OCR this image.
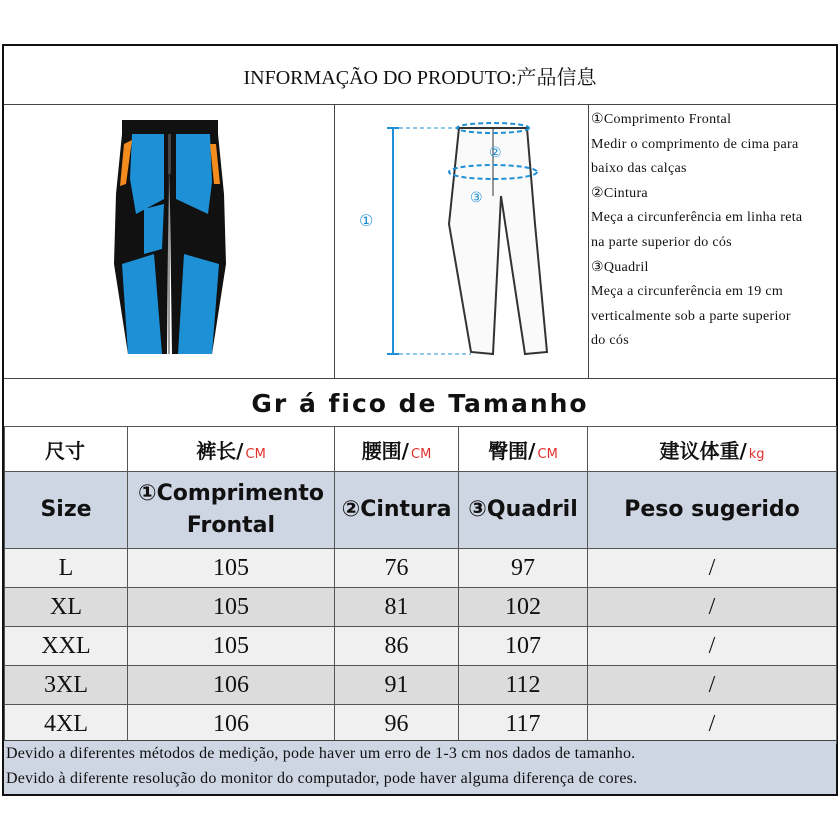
INFORMAÇÃO DO PRODUTO:产品信息
①
②
③
①Comprimento Frontal
Medir o comprimento de cima para
baixo das calças
②Cintura
Meça a circunferência em linha reta
na parte superior do cós
③Quadril
Meça a circunferência em 19 cm
verticalmente sob a parte superior
do cós
Gr á fico de Tamanho
尺寸	裤长/ CM	腰围/ CM	臀围/ CM	建议体重/ kg
Size	①Comprimento Frontal	②Cintura	③Quadril	Peso sugerido
L	105	76	97	/
XL	105	81	102	/
XXL	105	86	107	/
3XL	106	91	112	/
4XL	106	96	117	/
Devido a diferentes métodos de medição, pode haver um erro de 1-3 cm nos dados de tamanho.
Devido à diferente resolução do monitor do computador, pode haver alguma diferença de cores.
